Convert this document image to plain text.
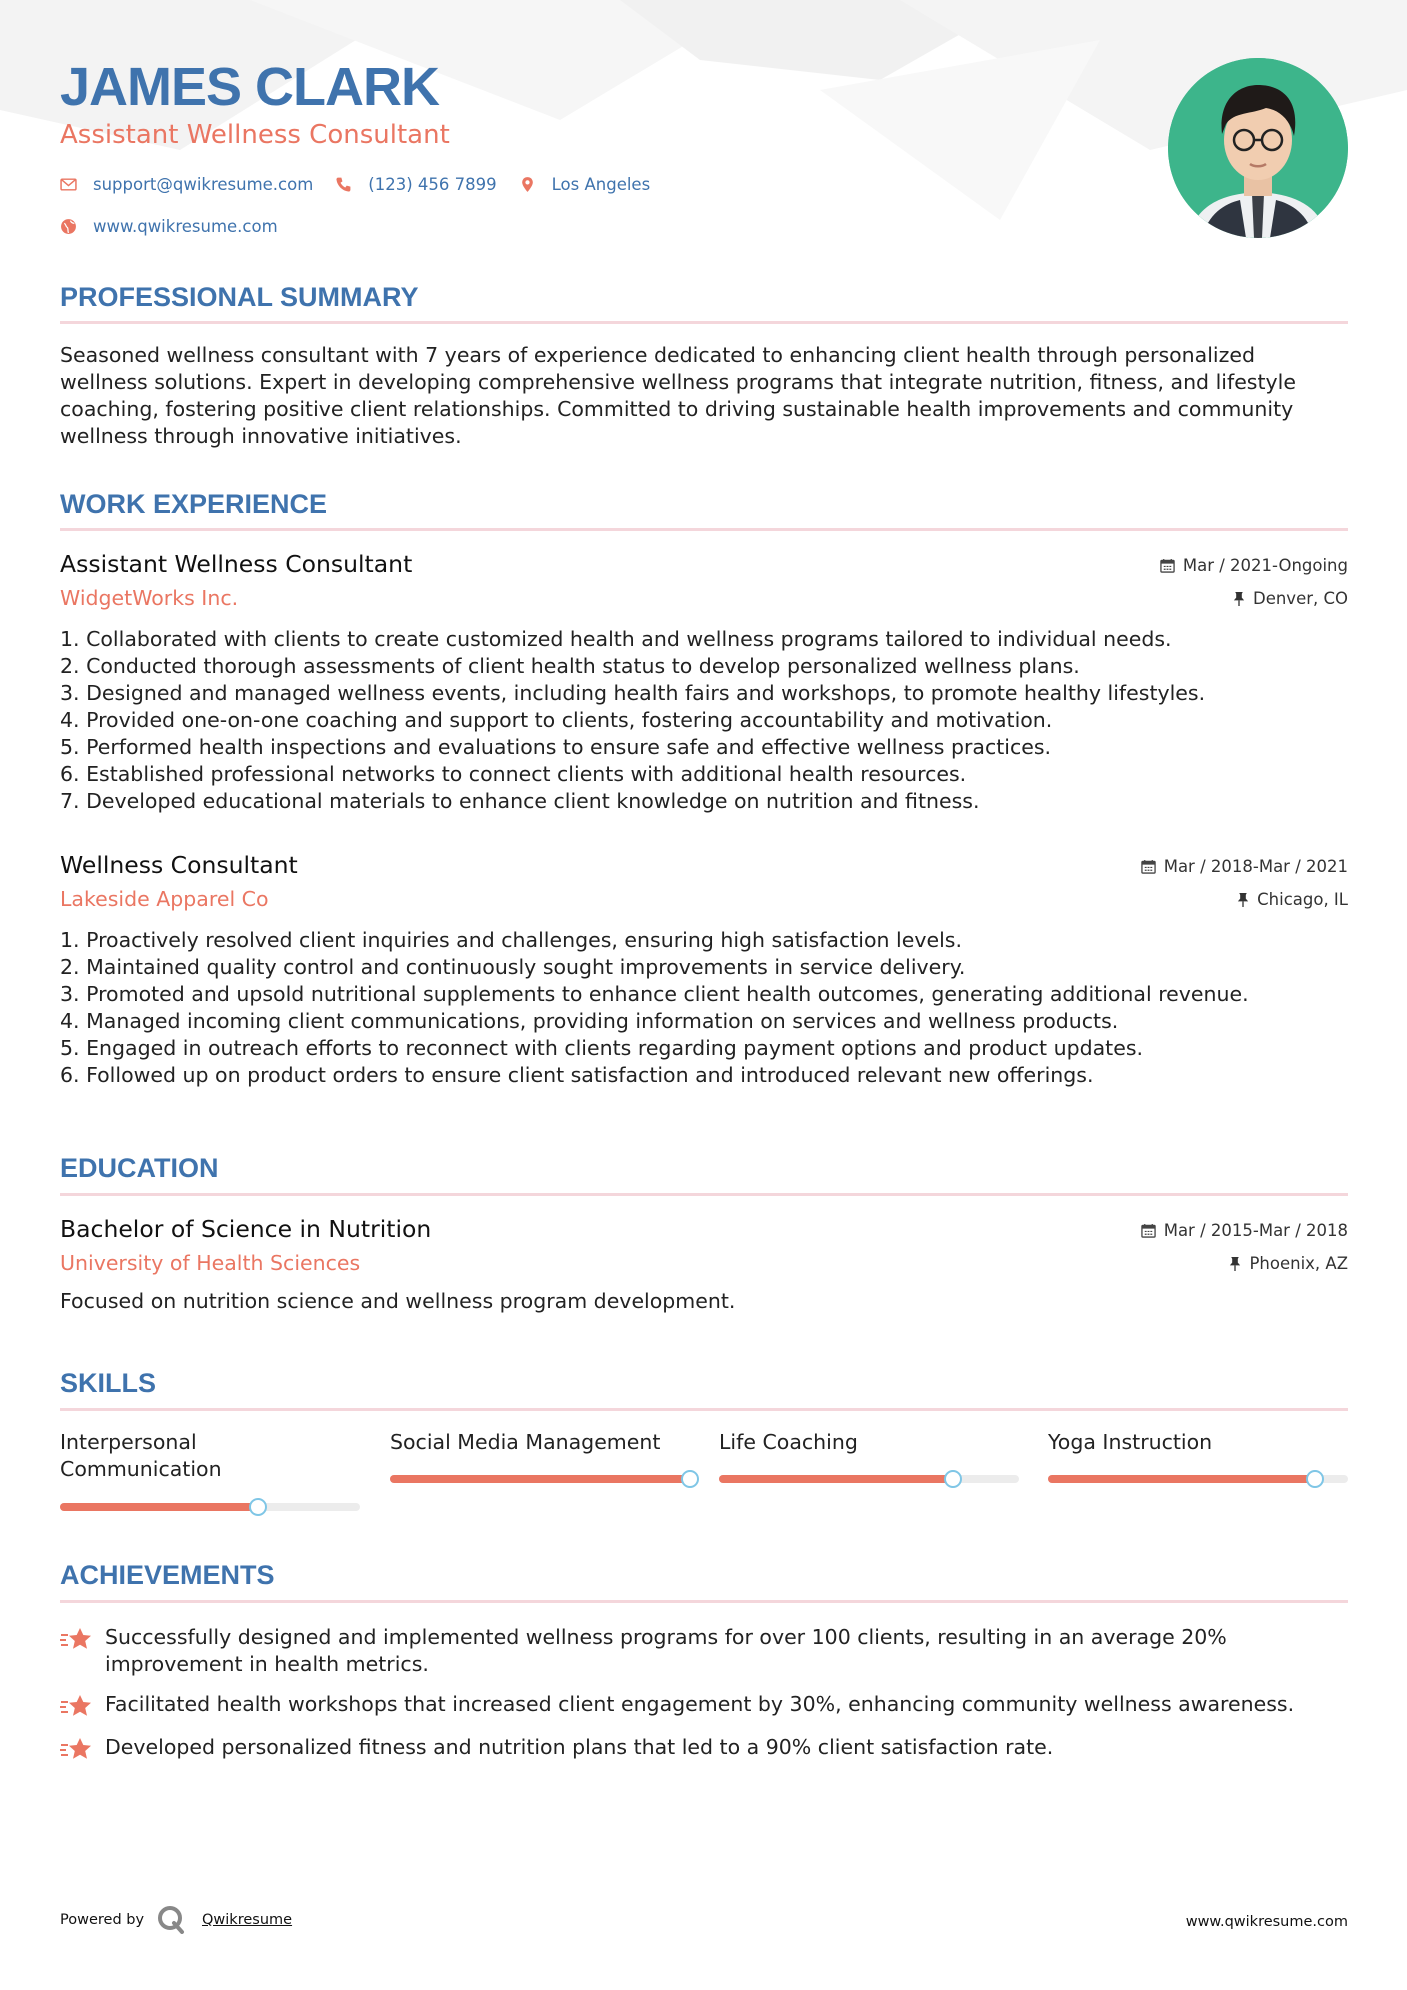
JAMES CLARK
Assistant Wellness Consultant
support@qwikresume.com	(123) 456 7899	Los Angeles
www.qwikresume.com
PROFESSIONAL SUMMARY

Seasoned wellness consultant with 7 years of experience dedicated to enhancing client health through personalized wellness solutions. Expert in developing comprehensive wellness programs that integrate nutrition, fitness, and lifestyle coaching, fostering positive client relationships. Committed to driving sustainable health improvements and community wellness through innovative initiatives.

WORK EXPERIENCE
Assistant Wellness Consultant
WidgetWorks Inc.
Mar / 2021-Ongoing
Denver, CO
1. Collaborated with clients to create customized health and wellness programs tailored to individual needs.
2. Conducted thorough assessments of client health status to develop personalized wellness plans.
3. Designed and managed wellness events, including health fairs and workshops, to promote healthy lifestyles.
4. Provided one-on-one coaching and support to clients, fostering accountability and motivation.
5. Performed health inspections and evaluations to ensure safe and effective wellness practices.
6. Established professional networks to connect clients with additional health resources.
7. Developed educational materials to enhance client knowledge on nutrition and fitness.
Wellness Consultant
Lakeside Apparel Co
Mar / 2018-Mar / 2021
Chicago, IL
1. Proactively resolved client inquiries and challenges, ensuring high satisfaction levels.
2. Maintained quality control and continuously sought improvements in service delivery.
3. Promoted and upsold nutritional supplements to enhance client health outcomes, generating additional revenue.
4. Managed incoming client communications, providing information on services and wellness products.
5. Engaged in outreach efforts to reconnect with clients regarding payment options and product updates.
6. Followed up on product orders to ensure client satisfaction and introduced relevant new offerings.
EDUCATION
Bachelor of Science in Nutrition
University of Health Sciences
Mar / 2015-Mar / 2018
Phoenix, AZ
Focused on nutrition science and wellness program development.
SKILLS
Interpersonal Communication
Social Media Management	Life Coaching	Yoga Instruction
ACHIEVEMENTS
Successfully designed and implemented wellness programs for over 100 clients, resulting in an average 20% improvement in health metrics.
Facilitated health workshops that increased client engagement by 30%, enhancing community wellness awareness.
Developed personalized fitness and nutrition plans that led to a 90% client satisfaction rate.
Powered by	Qwikresume	www.qwikresume.com
